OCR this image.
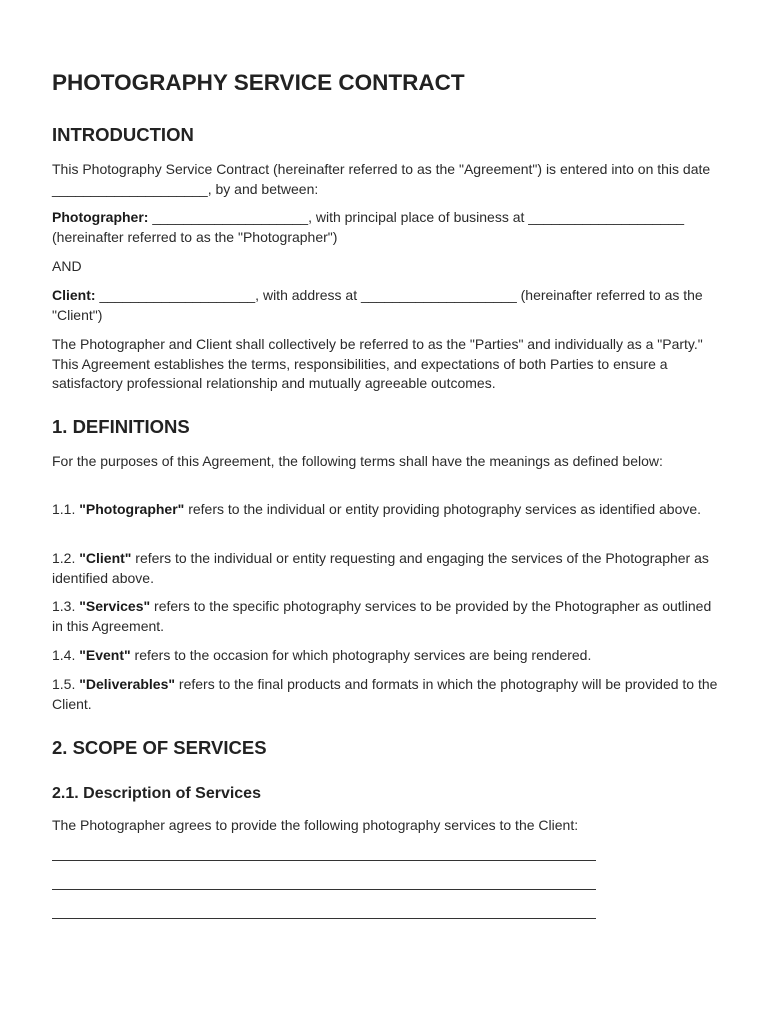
PHOTOGRAPHY SERVICE CONTRACT
INTRODUCTION

This Photography Service Contract (hereinafter referred to as the "Agreement") is entered into on this date ____________________, by and between:

Photographer: ____________________, with principal place of business at ____________________ (hereinafter referred to as the "Photographer")

AND

Client: ____________________, with address at ____________________ (hereinafter referred to as the "Client")

The Photographer and Client shall collectively be referred to as the "Parties" and individually as a "Party." This Agreement establishes the terms, responsibilities, and expectations of both Parties to ensure a satisfactory professional relationship and mutually agreeable outcomes.

1. DEFINITIONS

For the purposes of this Agreement, the following terms shall have the meanings as defined below:

1.1. "Photographer" refers to the individual or entity providing photography services as identified above.

1.2. "Client" refers to the individual or entity requesting and engaging the services of the Photographer as identified above.

1.3. "Services" refers to the specific photography services to be provided by the Photographer as outlined in this Agreement.

1.4. "Event" refers to the occasion for which photography services are being rendered.

1.5. "Deliverables" refers to the final products and formats in which the photography will be provided to the Client.

2. SCOPE OF SERVICES
2.1. Description of Services

The Photographer agrees to provide the following photography services to the Client:
